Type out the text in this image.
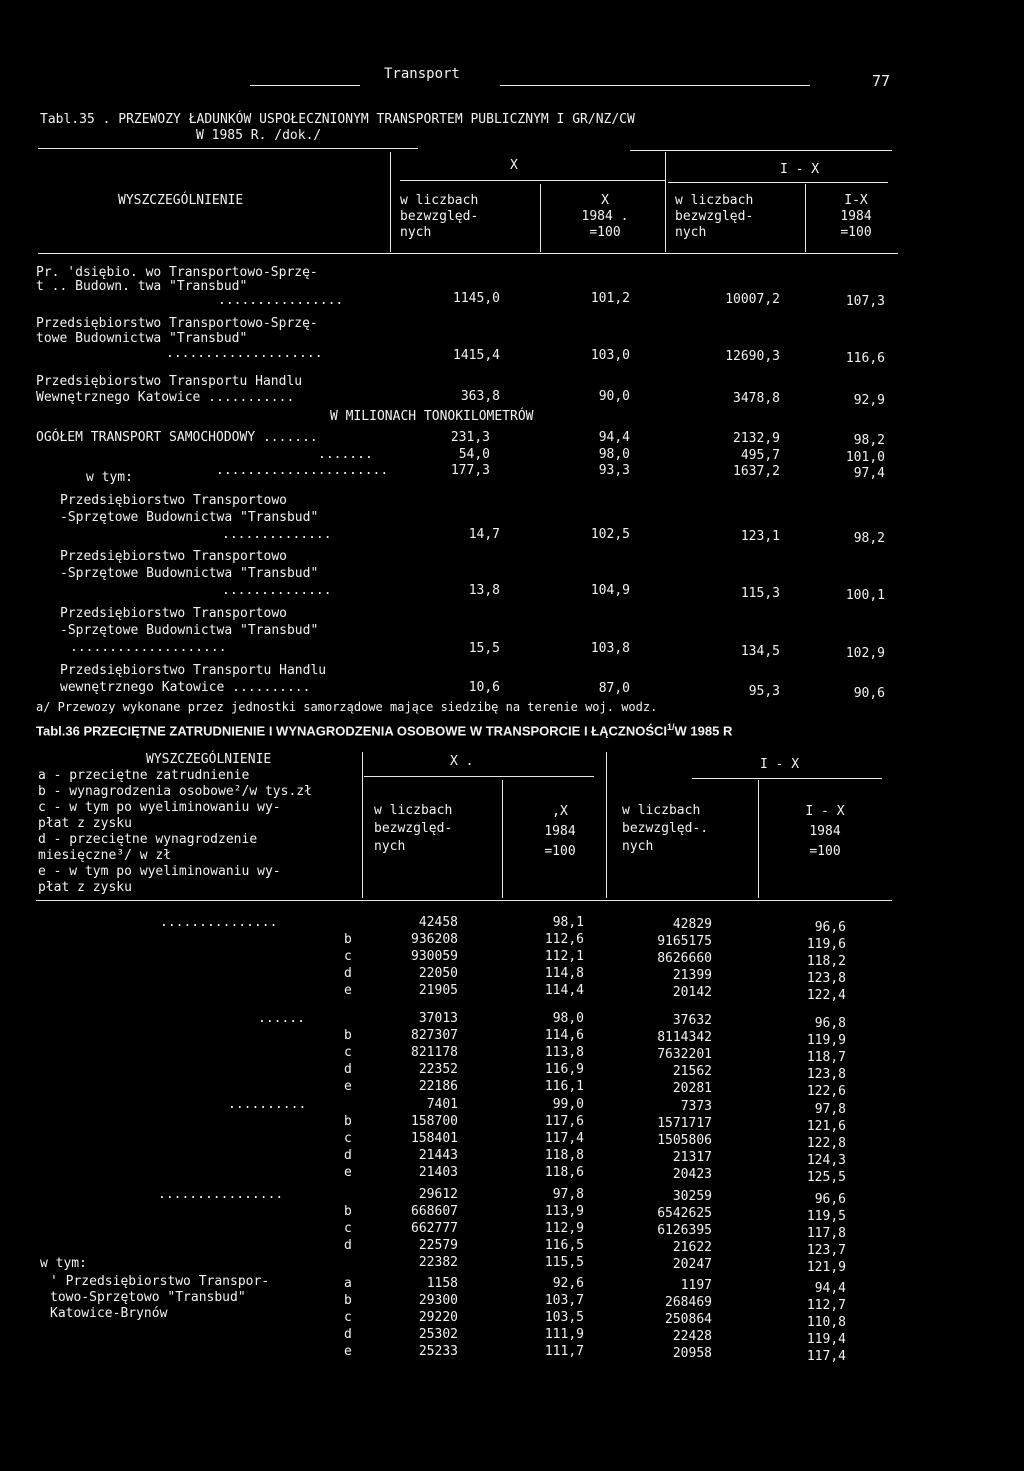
Transport	77
Tabl.35 . PRZEWOZY ŁADUNKÓW USPOŁECZNIONYM TRANSPORTEM PUBLICZNYM I GR/NZ/CW
W 1985 R. /dok./
X	I - X
WYSZCZEGÓLNIENIE	w liczbach
bezwzględ-
nych
X
1984 .
=100
w liczbach
bezwzględ-
nych
I-X
1984
=100
Pr. 'dsiębio. wo Transportowo-Sprzę-
t .. Budown. twa "Transbud"
................	1145,0	101,2	10007,2	107,3
Przedsiębiorstwo Transportowo-Sprzę-
towe Budownictwa "Transbud"
....................	1415,4	103,0	12690,3	116,6
Przedsiębiorstwo Transportu Handlu
Wewnętrznego Katowice ...........	363,8	90,0	3478,8	92,9
W MILIONACH TONOKILOMETRÓW
OGÓŁEM TRANSPORT SAMOCHODOWY .......	231,3	94,4	2132,9	98,2
.......	54,0	98,0	495,7	101,0
......................	177,3	93,3	1637,2	97,4
w tym:
Przedsiębiorstwo Transportowo
-Sprzętowe Budownictwa "Transbud"
..............	14,7	102,5	123,1	98,2
Przedsiębiorstwo Transportowo
-Sprzętowe Budownictwa "Transbud"
..............	13,8	104,9	115,3	100,1
Przedsiębiorstwo Transportowo
-Sprzętowe Budownictwa "Transbud"
....................	15,5	103,8	134,5	102,9
Przedsiębiorstwo Transportu Handlu
wewnętrznego Katowice ..........	10,6	87,0	95,3	90,6
a/ Przewozy wykonane przez jednostki samorządowe mające siedzibę na terenie woj. wodz.
Tabl.36 PRZECIĘTNE ZATRUDNIENIE I WYNAGRODZENIA OSOBOWE W TRANSPORCIE I $ŁĄCZNOŚCI^{1/}W$ 1985 R
WYSZCZEGÓLNIENIE
a - przeciętne zatrudnienie
b - wynagrodzenia osobowe²/w tys.zł
c - w tym po wyeliminowaniu wy-
płat z zysku
d - przeciętne wynagrodzenie
miesięczne³/ w zł
e - w tym po wyeliminowaniu wy-
płat z zysku
X .	I - X
w liczbach
bezwzględ-
nych
,X
1984
=100
w liczbach
bezwzględ-.
nych
I - X
1984
=100
...............	42458	98,1	42829	96,6
b	936208	112,6	9165175	119,6
c	930059	112,1	8626660	118,2
d	22050	114,8	21399	123,8
e	21905	114,4	20142	122,4
......	37013	98,0	37632	96,8
b	827307	114,6	8114342	119,9
c	821178	113,8	7632201	118,7
d	22352	116,9	21562	123,8
e	22186	116,1	20281	122,6
..........	7401	99,0	7373	97,8
b	158700	117,6	1571717	121,6
c	158401	117,4	1505806	122,8
d	21443	118,8	21317	124,3
e	21403	118,6	20423	125,5
................	29612	97,8	30259	96,6
b	668607	113,9	6542625	119,5
c	662777	112,9	6126395	117,8
d	22579	116,5	21622	123,7
22382	115,5	20247	121,9
a	1158	92,6	1197	94,4
b	29300	103,7	268469	112,7
c	29220	103,5	250864	110,8
d	25302	111,9	22428	119,4
e	25233	111,7	20958	117,4
w tym:
' Przedsiębiorstwo Transpor-
towo-Sprzętowo "Transbud"
Katowice-Brynów
